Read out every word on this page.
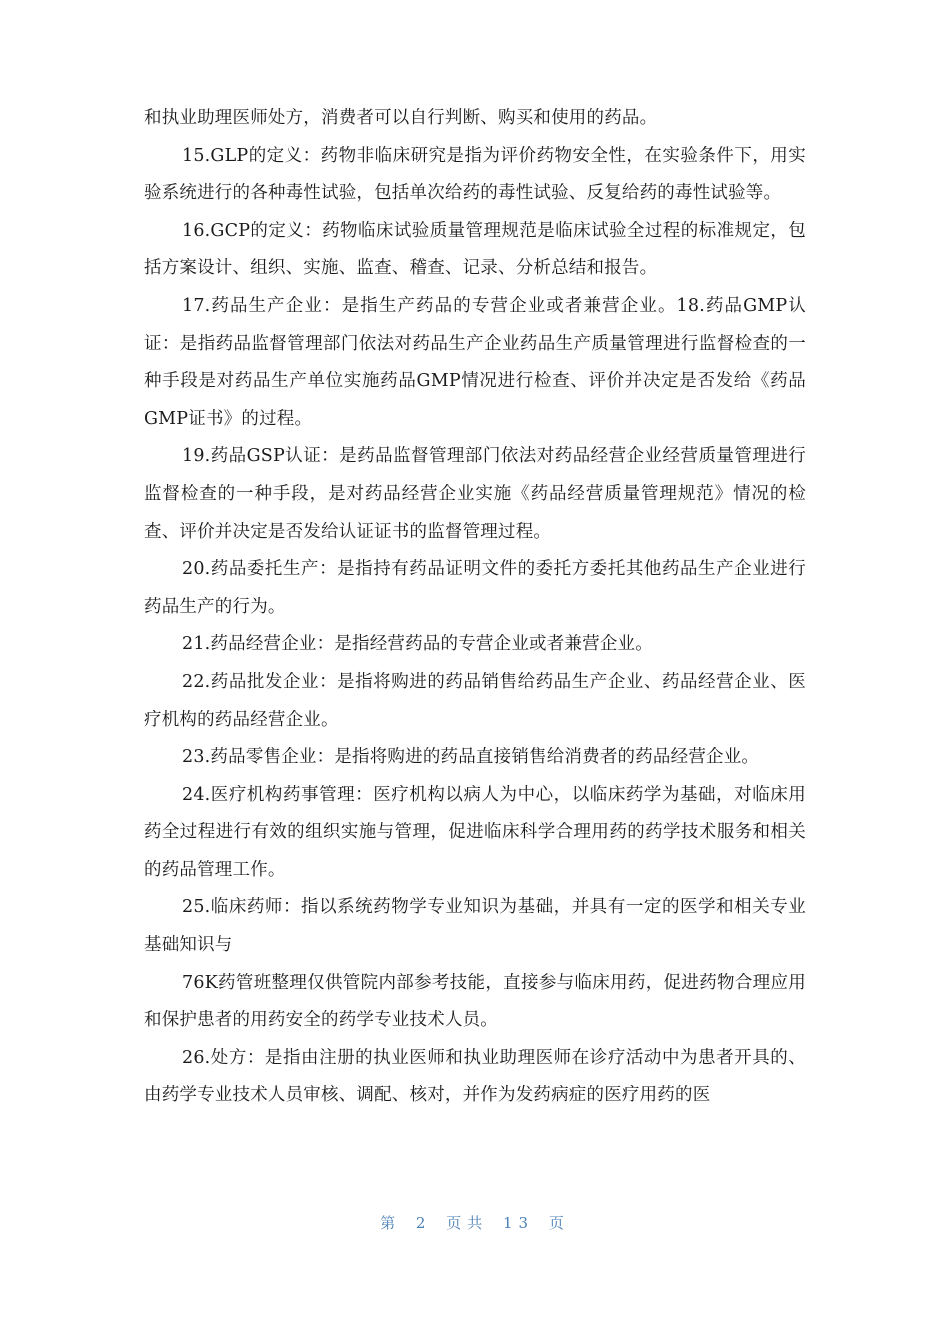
和执业助理医师处方，消费者可以自行判断、购买和使用的药品。

15.GLP的定义：药物非临床研究是指为评价药物安全性，在实验条件下，用实验系统进行的各种毒性试验，包括单次给药的毒性试验、反复给药的毒性试验等。

16.GCP的定义：药物临床试验质量管理规范是临床试验全过程的标准规定，包括方案设计、组织、实施、监查、稽查、记录、分析总结和报告。

17.药品生产企业：是指生产药品的专营企业或者兼营企业。18.药品GMP认证：是指药品监督管理部门依法对药品生产企业药品生产质量管理进行监督检查的一种手段是对药品生产单位实施药品GMP情况进行检查、评价并决定是否发给《药品GMP证书》的过程。

19.药品GSP认证：是药品监督管理部门依法对药品经营企业经营质量管理进行监督检查的一种手段，是对药品经营企业实施《药品经营质量管理规范》情况的检查、评价并决定是否发给认证证书的监督管理过程。

20.药品委托生产：是指持有药品证明文件的委托方委托其他药品生产企业进行药品生产的行为。

21.药品经营企业：是指经营药品的专营企业或者兼营企业。

22.药品批发企业：是指将购进的药品销售给药品生产企业、药品经营企业、医疗机构的药品经营企业。

23.药品零售企业：是指将购进的药品直接销售给消费者的药品经营企业。

24.医疗机构药事管理：医疗机构以病人为中心，以临床药学为基础，对临床用药全过程进行有效的组织实施与管理，促进临床科学合理用药的药学技术服务和相关的药品管理工作。

25.临床药师：指以系统药物学专业知识为基础，并具有一定的医学和相关专业基础知识与

76K药管班整理仅供管院内部参考技能，直接参与临床用药，促进药物合理应用和保护患者的用药安全的药学专业技术人员。

26.处方：是指由注册的执业医师和执业助理医师在诊疗活动中为患者开具的、由药学专业技术人员审核、调配、核对，并作为发药病症的医疗用药的医

第 2 页共 13 页
